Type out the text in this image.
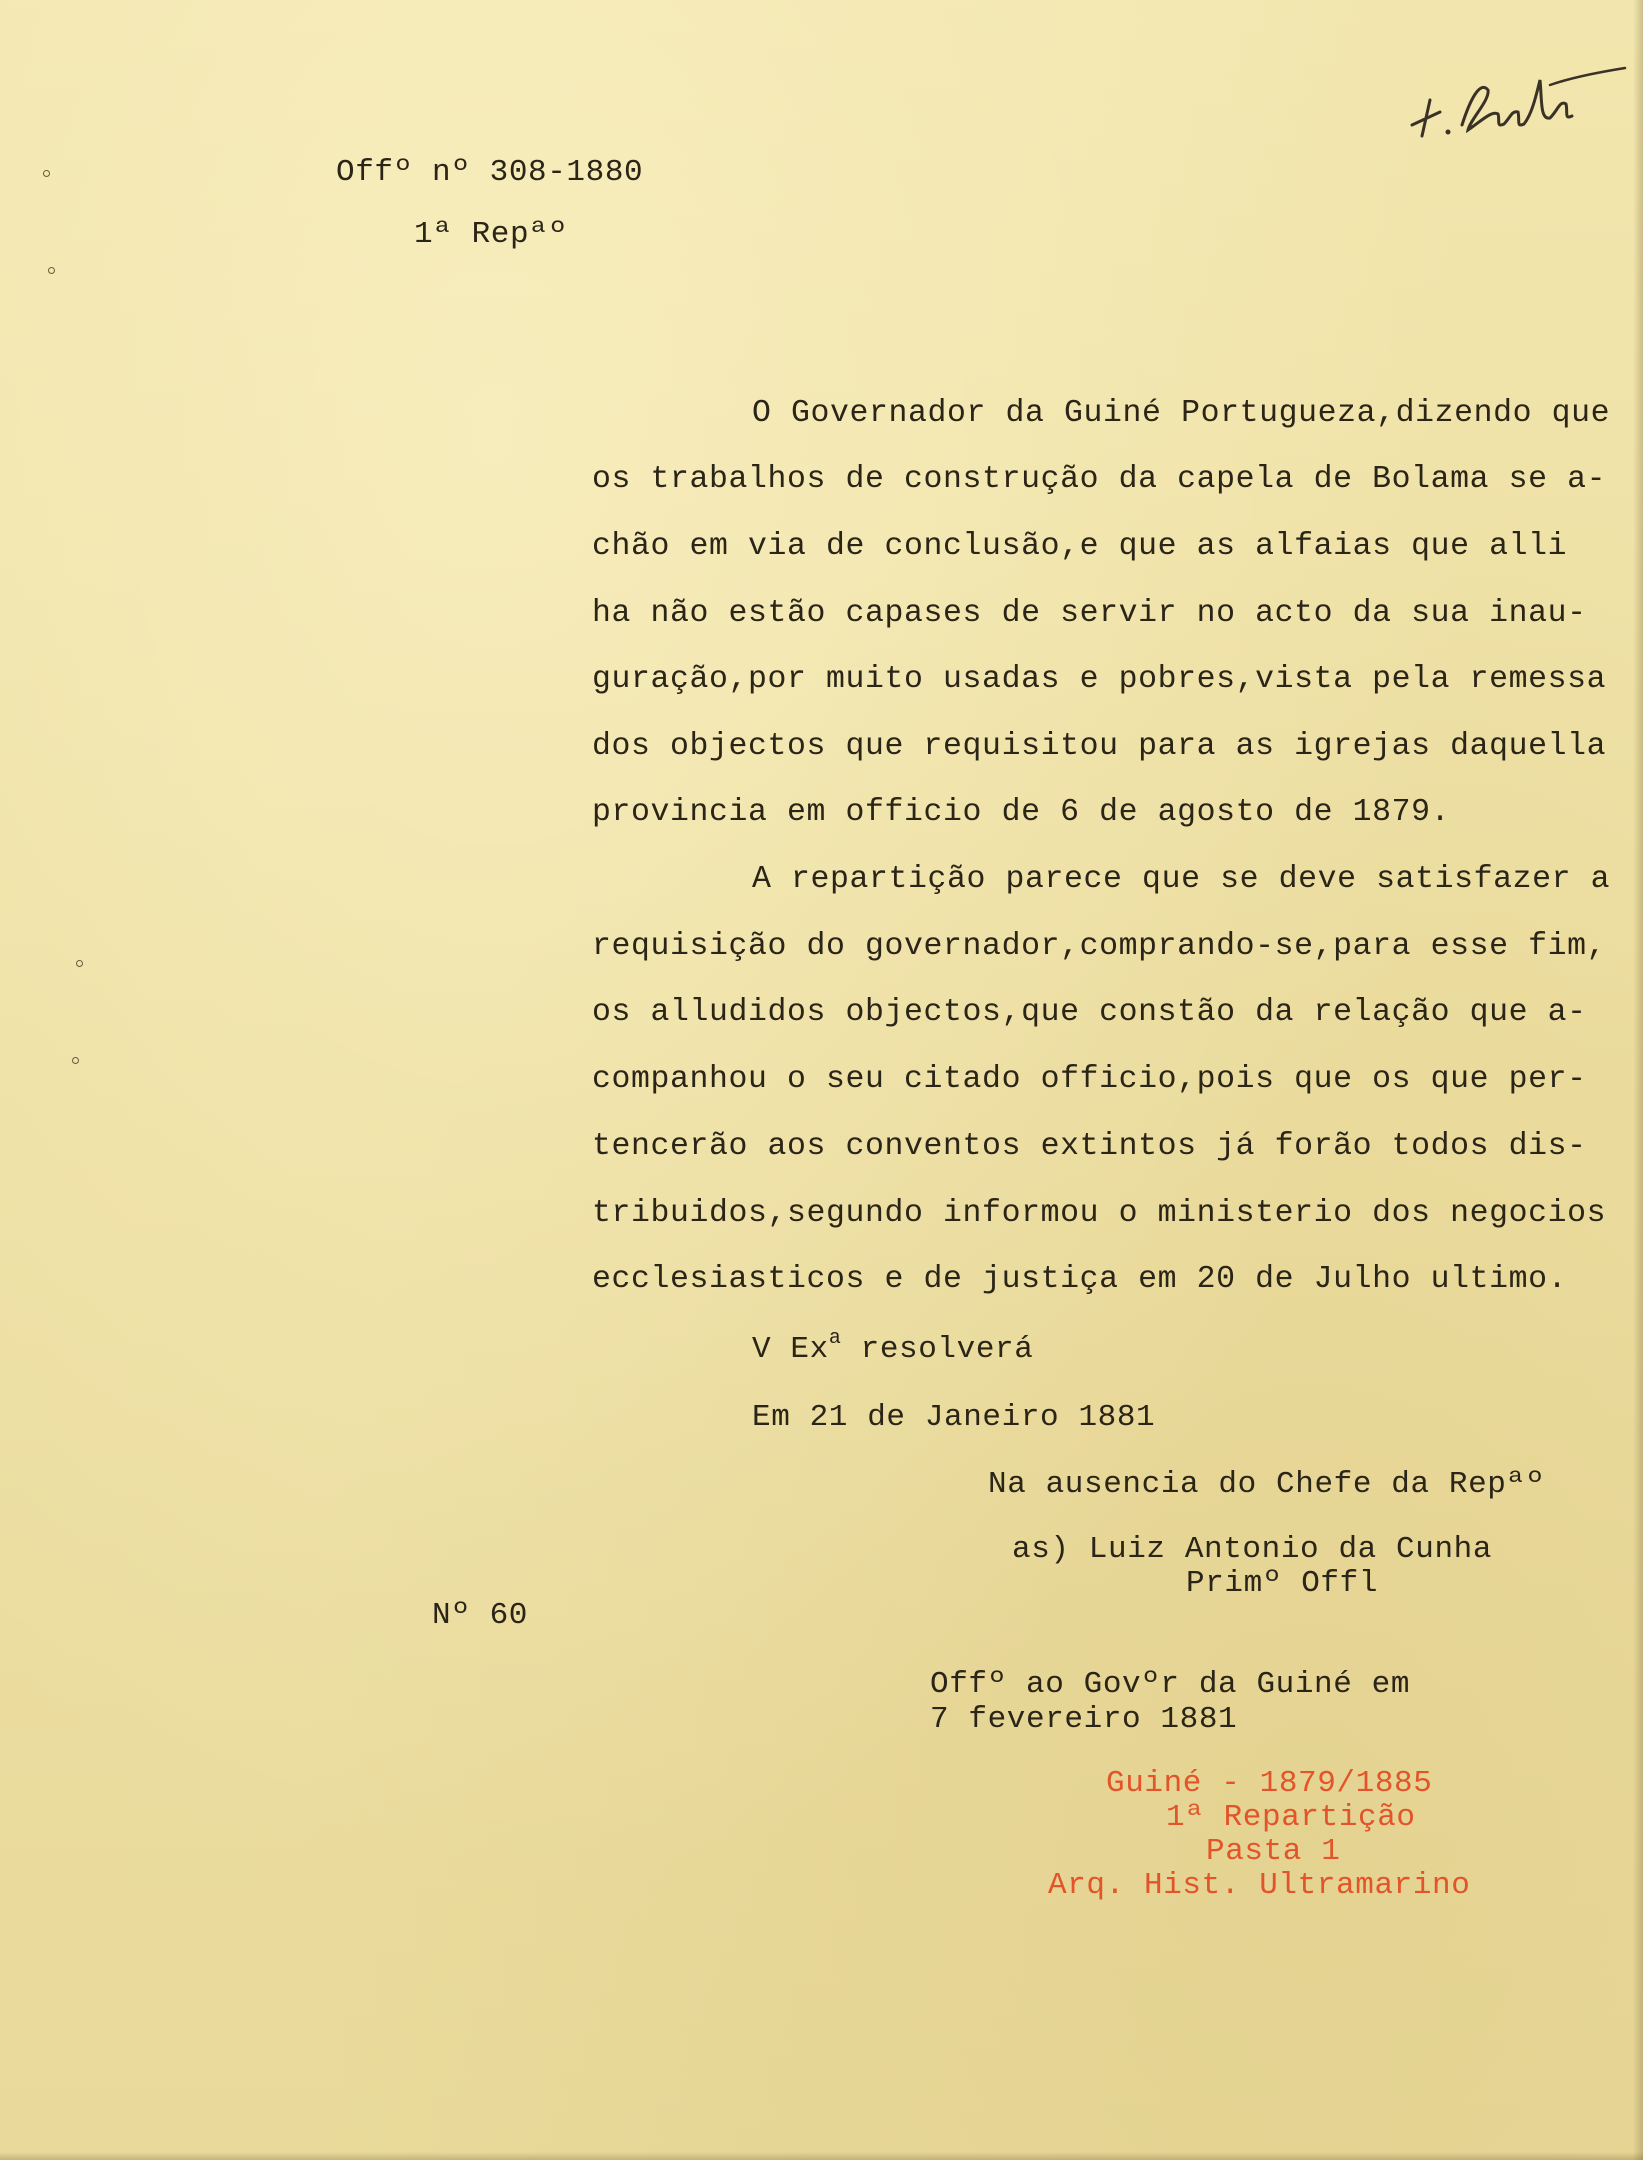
Offº nº 308-1880
1ª Repªº
O Governador da Guiné Portugueza,dizendo que
os trabalhos de construção da capela de Bolama se a-
chão em via de conclusão,e que as alfaias que alli
ha não estão capases de servir no acto da sua inau-
guração,por muito usadas e pobres,vista pela remessa
dos objectos que requisitou para as igrejas daquella
provincia em officio de 6 de agosto de 1879.
A repartição parece que se deve satisfazer a
requisição do governador,comprando-se,para esse fim,
os alludidos objectos,que constão da relação que a-
companhou o seu citado officio,pois que os que per-
tencerão aos conventos extintos já forão todos dis-
tribuidos,segundo informou o ministerio dos negocios
ecclesiasticos e de justiça em 20 de Julho ultimo.
V Ex$^a$ resolverá
Em 21 de Janeiro 1881
Na ausencia do Chefe da Repªº
as) Luiz Antonio da Cunha
Primº Offl
Nº 60
Offº ao Govºr da Guiné em
7 fevereiro 1881
Guiné - 1879/1885
1ª Repartição
Pasta 1
Arq. Hist. Ultramarino
